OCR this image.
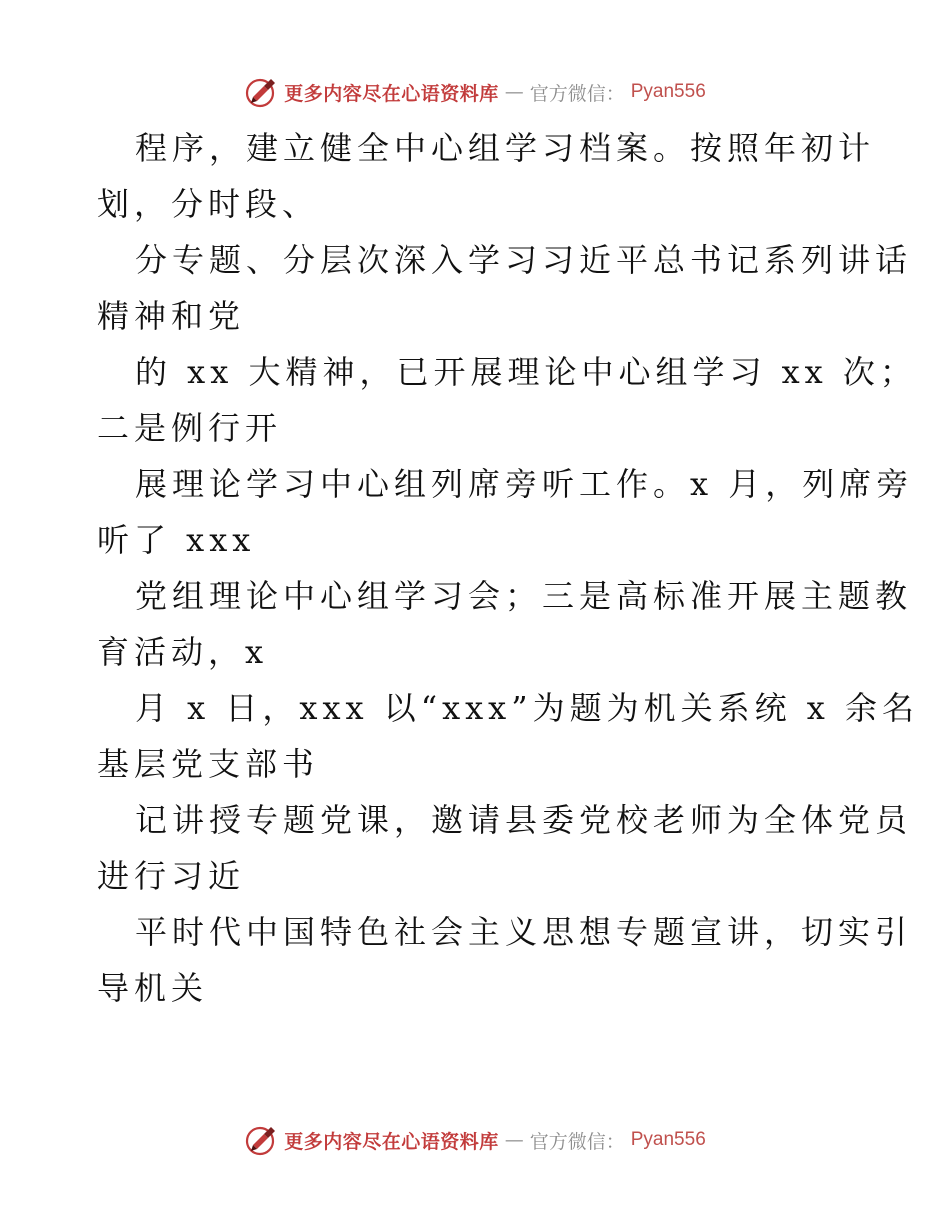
更多内容尽在心语资料库 — 官方微信： Pyan556
程序，建立健全中心组学习档案。按照年初计
划，分时段、
分专题、分层次深入学习习近平总书记系列讲话
精神和党
的 xx 大精神，已开展理论中心组学习 xx 次；
二是例行开
展理论学习中心组列席旁听工作。x 月，列席旁
听了 xxx
党组理论中心组学习会；三是高标准开展主题教
育活动，x
月 x 日，xxx 以“xxx”为题为机关系统 x 余名
基层党支部书
记讲授专题党课，邀请县委党校老师为全体党员
进行习近
平时代中国特色社会主义思想专题宣讲，切实引
导机关
更多内容尽在心语资料库 — 官方微信： Pyan556
